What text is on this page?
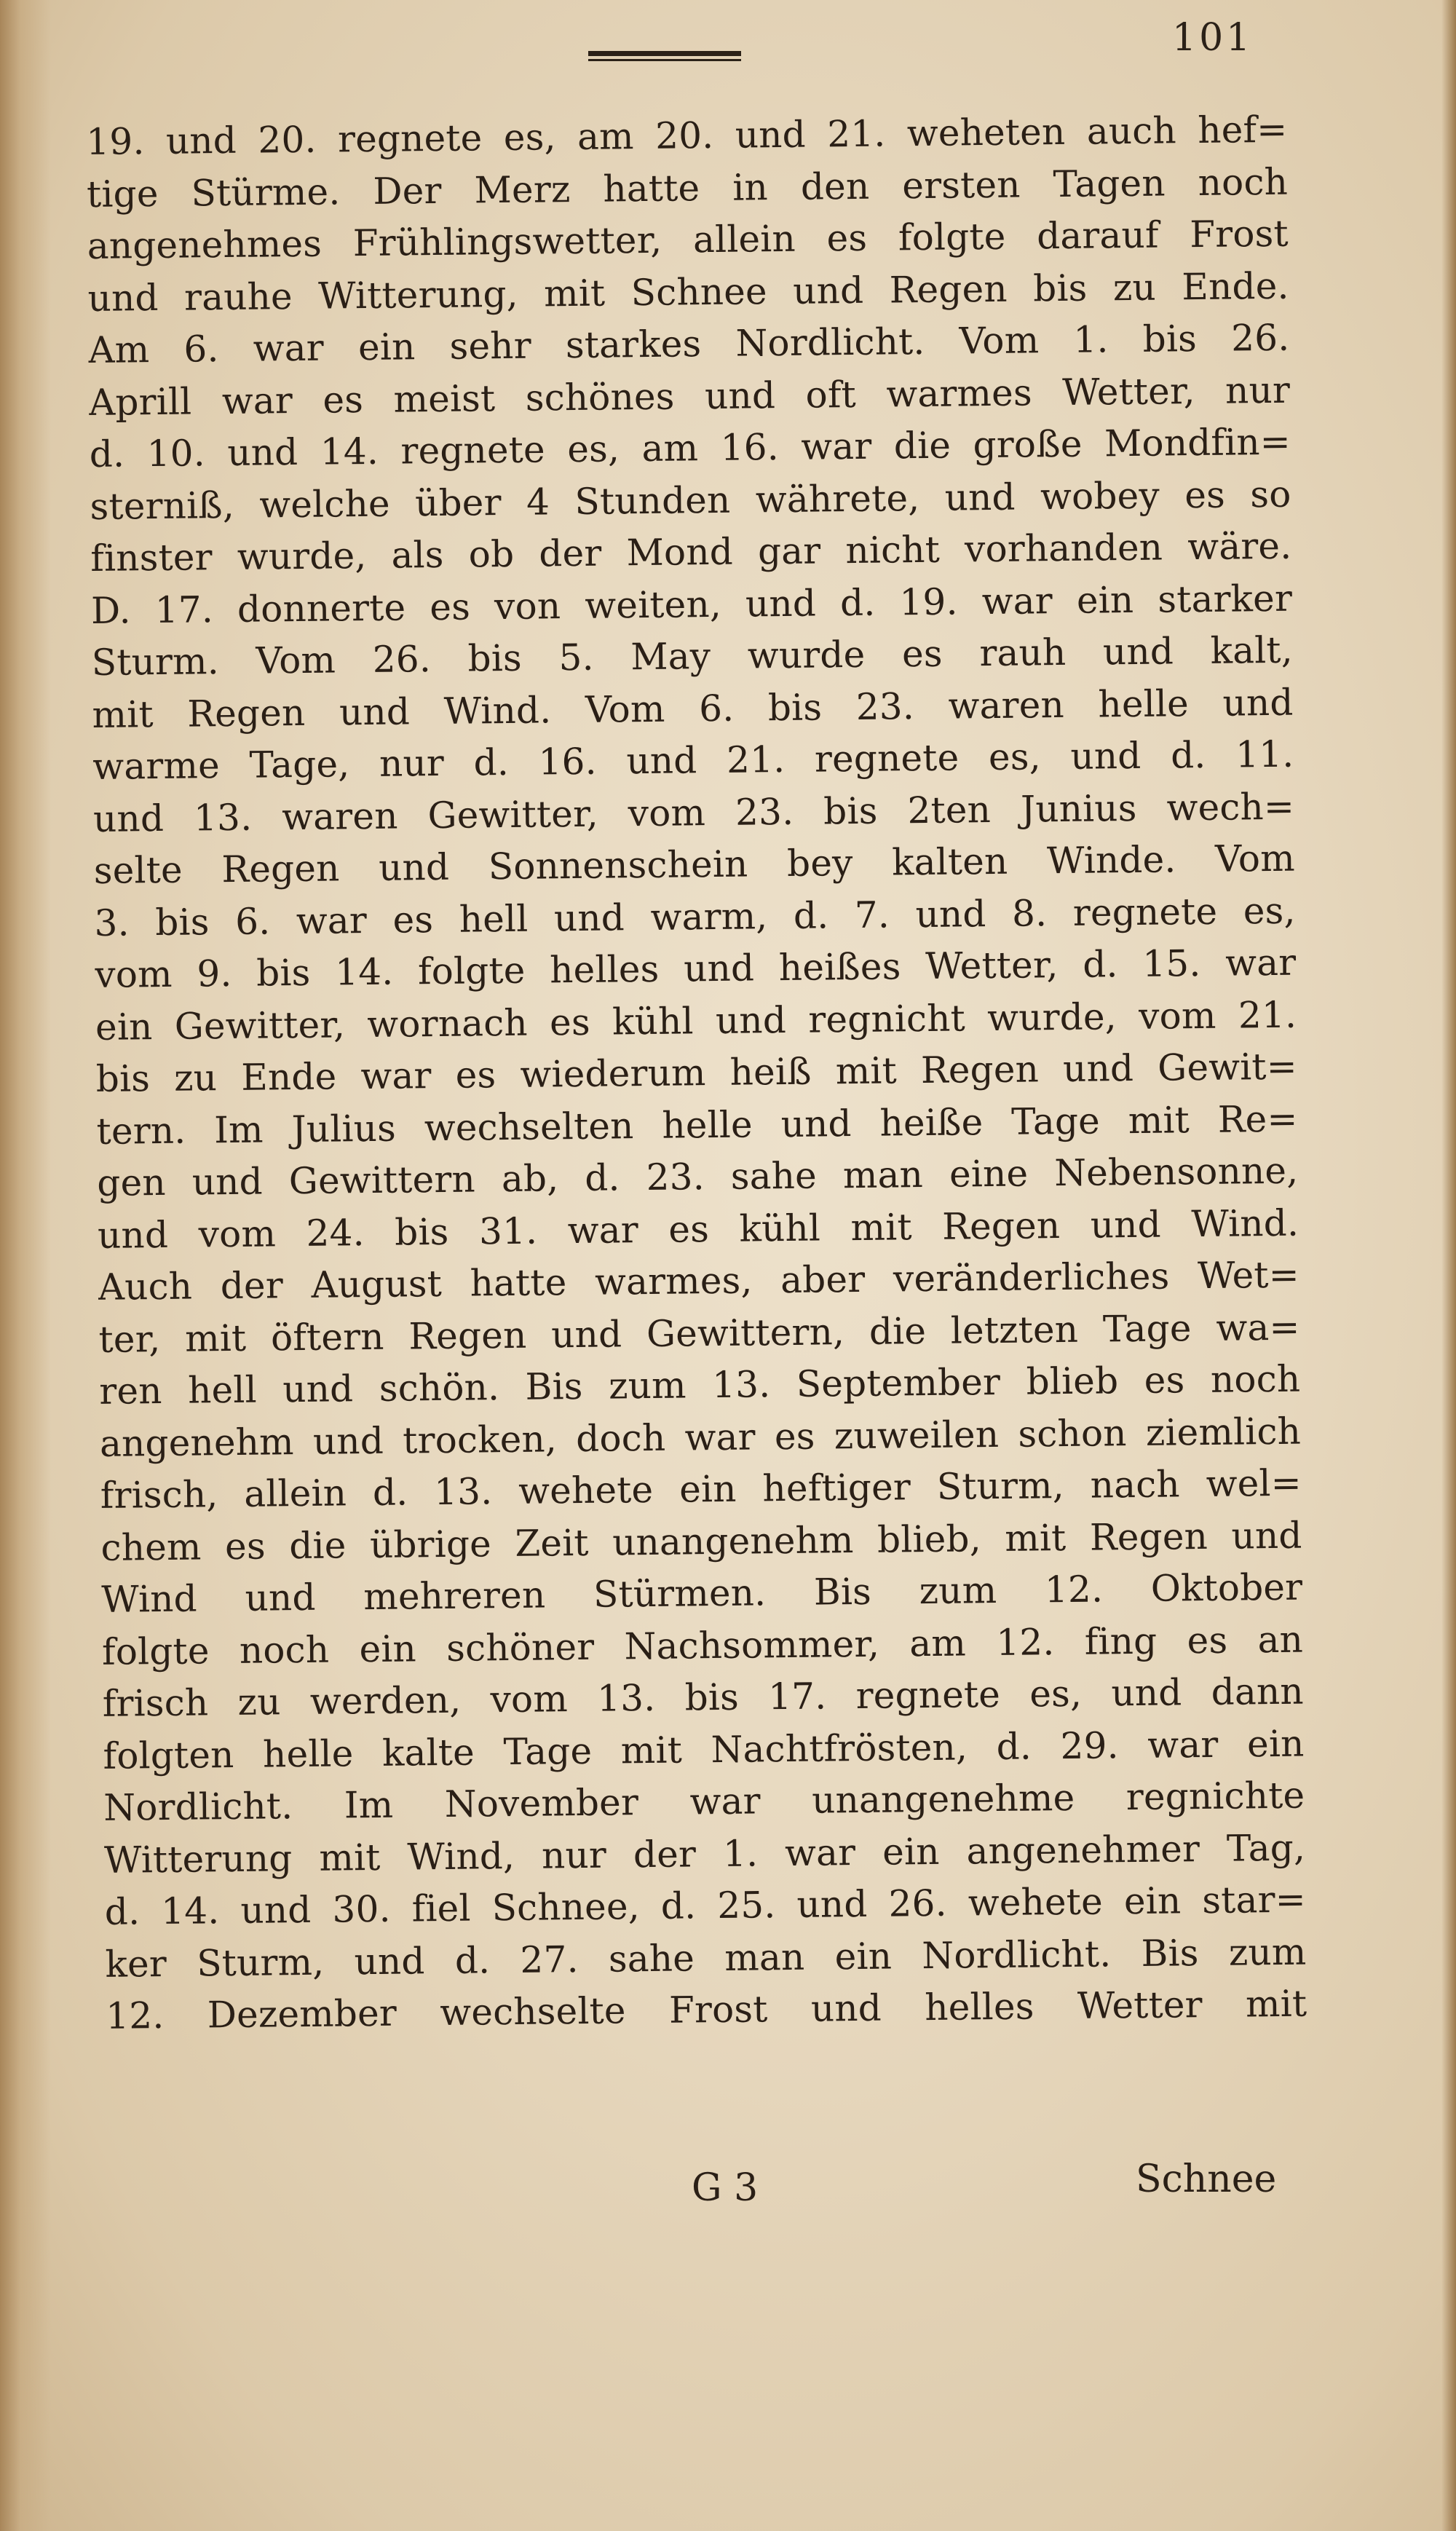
101
19. und 20. regnete es, am 20. und 21. weheten auch hef=
tige Stürme. Der Merz hatte in den ersten Tagen noch
angenehmes Frühlingswetter, allein es folgte darauf Frost
und rauhe Witterung, mit Schnee und Regen bis zu Ende.
Am 6. war ein sehr starkes Nordlicht. Vom 1. bis 26.
Aprill war es meist schönes und oft warmes Wetter, nur
d. 10. und 14. regnete es, am 16. war die große Mondfin=
sterniß, welche über 4 Stunden währete, und wobey es so
finster wurde, als ob der Mond gar nicht vorhanden wäre.
D. 17. donnerte es von weiten, und d. 19. war ein starker
Sturm. Vom 26. bis 5. May wurde es rauh und kalt,
mit Regen und Wind. Vom 6. bis 23. waren helle und
warme Tage, nur d. 16. und 21. regnete es, und d. 11.
und 13. waren Gewitter, vom 23. bis 2ten Junius wech=
selte Regen und Sonnenschein bey kalten Winde. Vom
3. bis 6. war es hell und warm, d. 7. und 8. regnete es,
vom 9. bis 14. folgte helles und heißes Wetter, d. 15. war
ein Gewitter, wornach es kühl und regnicht wurde, vom 21.
bis zu Ende war es wiederum heiß mit Regen und Gewit=
tern. Im Julius wechselten helle und heiße Tage mit Re=
gen und Gewittern ab, d. 23. sahe man eine Nebensonne,
und vom 24. bis 31. war es kühl mit Regen und Wind.
Auch der August hatte warmes, aber veränderliches Wet=
ter, mit öftern Regen und Gewittern, die letzten Tage wa=
ren hell und schön. Bis zum 13. September blieb es noch
angenehm und trocken, doch war es zuweilen schon ziemlich
frisch, allein d. 13. wehete ein heftiger Sturm, nach wel=
chem es die übrige Zeit unangenehm blieb, mit Regen und
Wind und mehreren Stürmen. Bis zum 12. Oktober
folgte noch ein schöner Nachsommer, am 12. fing es an
frisch zu werden, vom 13. bis 17. regnete es, und dann
folgten helle kalte Tage mit Nachtfrösten, d. 29. war ein
Nordlicht. Im November war unangenehme regnichte
Witterung mit Wind, nur der 1. war ein angenehmer Tag,
d. 14. und 30. fiel Schnee, d. 25. und 26. wehete ein star=
ker Sturm, und d. 27. sahe man ein Nordlicht. Bis zum
12. Dezember wechselte Frost und helles Wetter mit
G 3	Schnee
